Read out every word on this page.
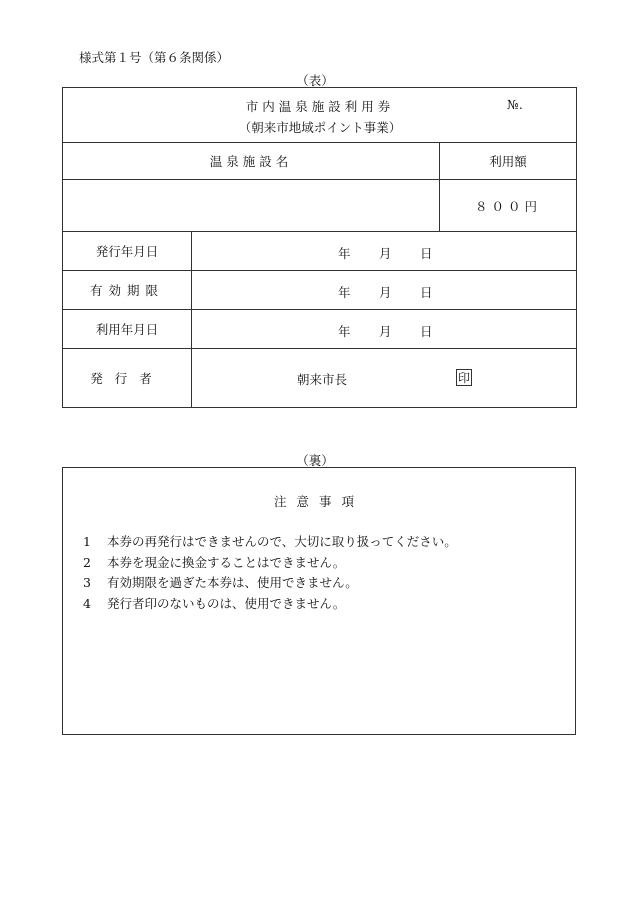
様式第１号（第６条関係）
（表）
市内温泉施設利用券
（朝来市地域ポイント事業）
№.		

温泉施設名		利用額
		８００円
発行年月日	年 月 日	

有効期限	年 月 日	

利用年月日	年 月 日	

発行者	朝来市長 印	
（裏）
注意事項
1 本券の再発行はできませんので、大切に取り扱ってください。
2 本券を現金に換金することはできません。
3 有効期限を過ぎた本券は、使用できません。
4 発行者印のないものは、使用できません。
